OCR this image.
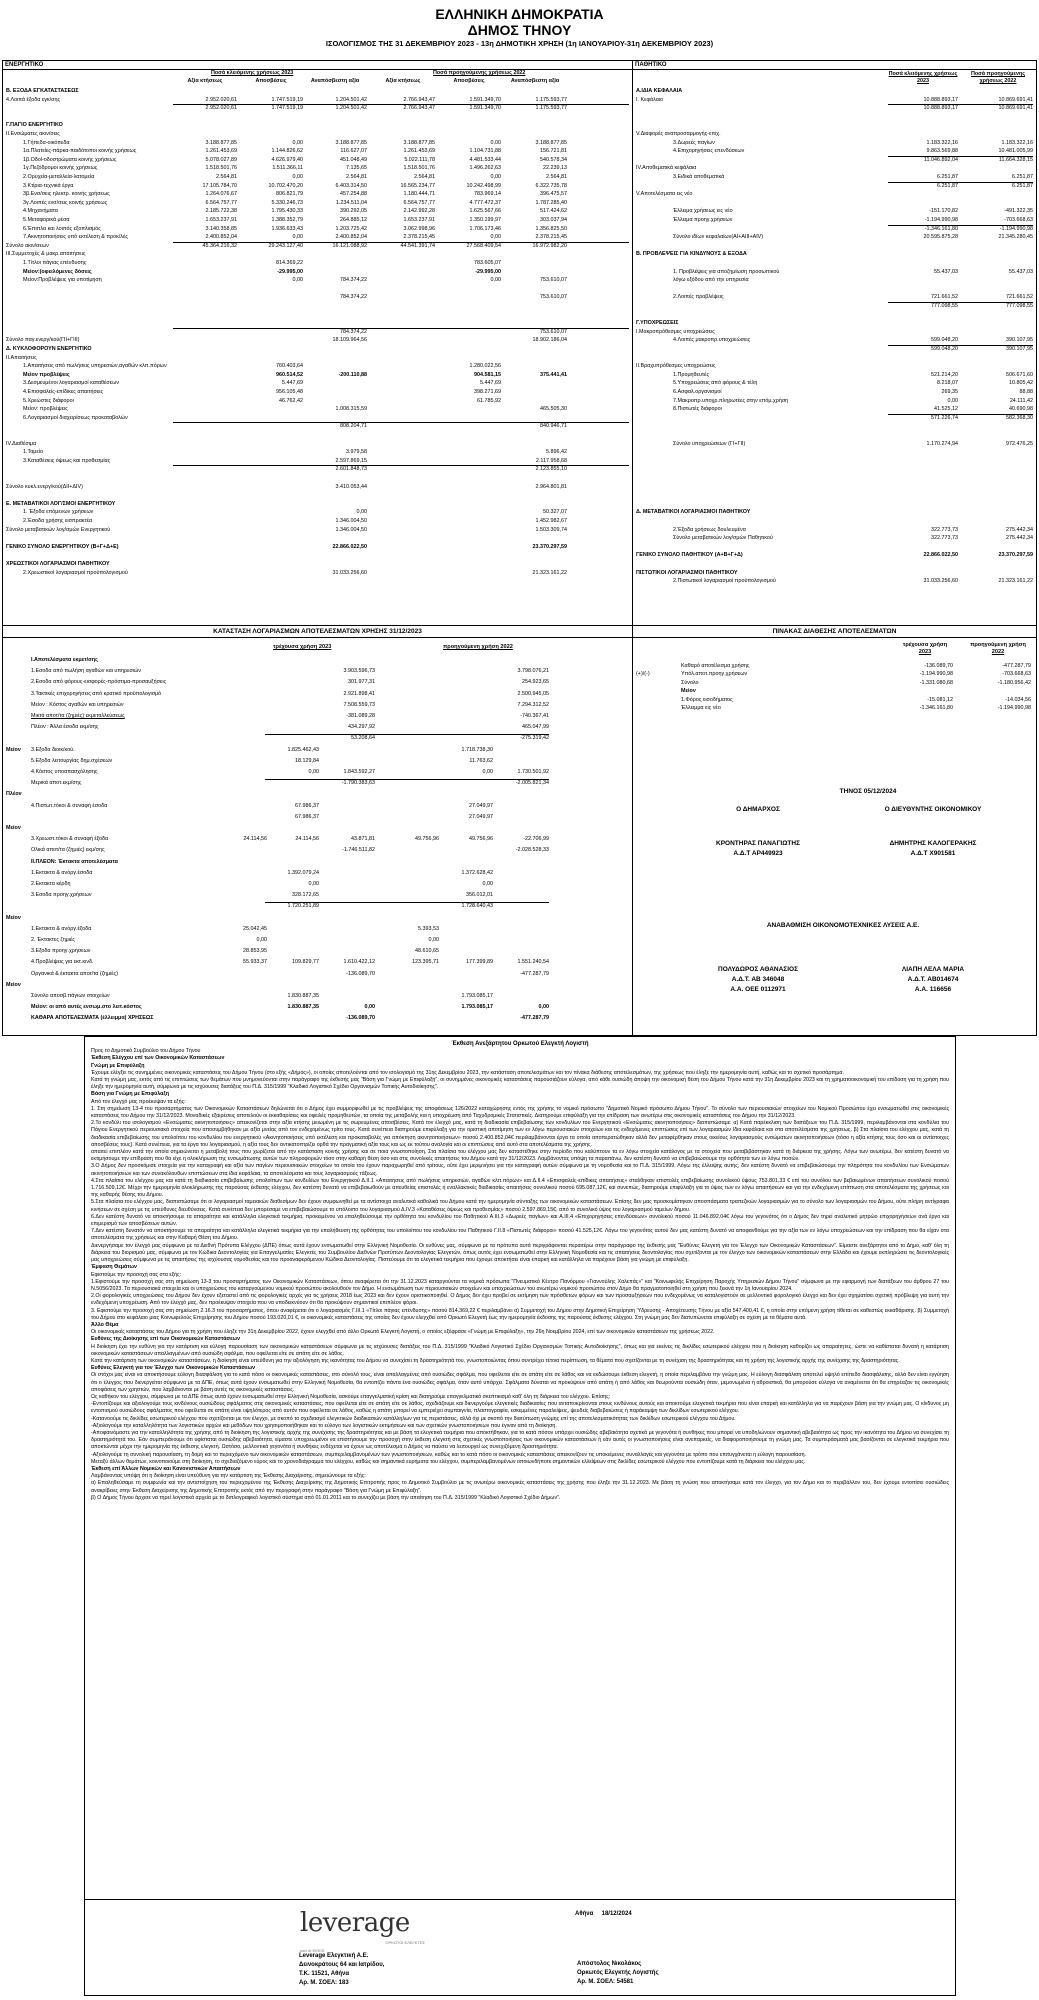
ΕΛΛΗΝΙΚΗ ΔΗΜΟΚΡΑΤΙΑ
ΔΗΜΟΣ ΤΗΝΟΥ
ΙΣΟΛΟΓΙΣΜΟΣ ΤΗΣ 31 ΔΕΚΕΜΒΡΙΟΥ 2023 - 13η ΔΗΜΟΤΙΚΗ ΧΡΗΣΗ (1η ΙΑΝΟΥΑΡΙΟΥ-31η ΔΕΚΕΜΒΡΙΟΥ 2023)
ΕΝΕΡΓΗΤΙΚΟ
Ποσά κλειόμενης χρήσεως 2023	Ποσά προηγούμενης χρήσεως 2022
Αξία κτήσεως	Αποσβέσεις	Αναπόσβεστη αξία	Αξία κτήσεως	Αποσβέσεις	Αναπόσβεστη αξία
B. ΕΞΟΔΑ ΕΓΚΑΤΑΣΤΑΣΕΩΣ
4.Λοιπά έξοδα εγκ/σης	2.952.020,61	1.747.519,19	1.204.501,42	2.766.943,47	1.591.349,70	1.175.593,77
2.952.020,61	1.747.519,19	1.204.501,42	2.766.943,47	1.591.349,70	1.175.593,77
Γ.ΠΑΓΙΟ ΕΝΕΡΓΗΤΙΚΟ
ΙΙ.Ενσώματες ακιν/σεις
1.Γήπεδα-οικόπεδα	3.188.877,85	0,00	3.188.877,85	3.188.877,85	0,00	3.188.877,85
1α.Πλατείες-πάρκα-παιδότοποι κοινής χρήσεως	1.261.453,69	1.144.826,62	116.627,07	1.261.453,69	1.104.731,88	156.721,81
1β.Οδοί-οδοστρώματα κοινής χρήσεως	5.078.027,89	4.626.979,40	451.048,49	5.022.111,78	4.481.533,44	540.578,34
1γ.Πεζόδρομοι κοινής χρήσεως	1.518.501,76	1.511.366,11	7.135,65	1.518.501,76	1.496.262,63	22.239,13
2.Ορυχεία-μεταλλεία-λατομεία	2.564,81	0,00	2.564,81	2.564,81	0,00	2.564,81
3.Κτίρια-τεχνικά έργα	17.105.784,70	10.702.470,20	6.403.314,50	16.565.234,77	10.242.498,99	6.322.735,78
3β.Ενσ/σεις ηλεκτρ. κοινής χρήσεως	1.264.076,67	806.821,79	457.254,88	1.180.444,71	783.969,14	396.475,57
3γ.Λοιπές ενσ/σεις κοινής χρήσεως	6.564.757,77	5.330.246,73	1.234.511,04	6.564.757,77	4.777.472,37	1.787.285,40
4.Μηχανήματα	2.185.722,38	1.795.430,33	390.292,05	2.142.992,28	1.625.567,66	517.424,62
5.Μεταφορικά μέσα	1.653.237,91	1.388.352,79	264.885,12	1.653.237,91	1.350.199,97	303.037,94
6.Έπιπλα και λοιπός εξοπλισμός	3.140.358,85	1.936.633,43	1.203.725,42	3.062.998,96	1.706.173,46	1.356.825,50
7.Ακινητοποιήσεις υπό εκτέλεση & προκ/λές	2.400.852,04	0,00	2.400.852,04	2.378.215,45	0,00	2.378.215,45
Σύνολο ακιν/σεων	45.364.216,32	29.243.127,40	16.121.088,92	44.541.391,74	27.568.409,54	16.972.982,20
ΙΙΙ.Συμμετοχές & μακρ.απαιτήσεις
1.Τίτλοι πάγιας επένδυσης	814.369,22	783.605,07
Μείον:(οφειλόμενες δόσεις	-29.995,00	-29.995,00
Μείον:Προβλέψεις για υποτίμηση	0,00	784.374,22	0,00	753.610,07
784.374,22	753.610,07
784.374,22	753.610,07
Σύνολο παγ.ενεργ/κού(ΓΙΙ+ΓΙΙΙ)	18.109.964,56	18.902.186,04
Δ. ΚΥΚΛΟΦΟΡΟΥΝ ΕΝΕΡΓΗΤΙΚΟ
ΙΙ.Απαιτήσεις
1.Απαιτήσεις από πωλήσεις υπηρεσιών,αγαθών κλπ.πόρων	760.403,64	1.280.022,56
Μείον προβλέψεις	960.514,52	-200.110,88	904.581,15	375.441,41
3.Δεσμευμένοι λογαριασμοί καταθέσεων	5.447,69	5.447,69
4.Επισφαλείς-επίδικες απαιτήσεις	956.105,48	398.271,69
5.Χρεώστες διάφοροι	46.762,42	61.785,92
Μείον: προβλέψεις	1.008.315,59	465.505,30
6.Λογαριασμοί διαχειρίσεως προκαταβολών
808.204,71	840.946,71
IV.Διαθέσιμα
1.Ταμείο	3.979,58	5.896,42
3.Καταθέσεις όψεως και προθεσμίας	2.597.869,15	2.117.958,68
2.601.848,73	2.123.855,10
Σύνολο κυκλ.ενεργ/κού(ΔΙΙ+ΔΙV)	3.410.053,44	2.964.801,81
Ε. ΜΕΤΑΒΑΤΙΚΟΙ ΛΟΓ/ΣΜΟΙ ΕΝΕΡΓΗΤΙΚΟΥ
1. Έξοδα επόμενων χρήσεων	0,00	50.327,07
2.Έσοδα χρήσης εισπρακτέα	1.346.004,50	1.452.982,67
Σύνολο μεταβατικών λογ/σμών Ενεργητικού	1.346.004,50	1.503.309,74
ΓΕΝΙΚΟ ΣΥΝΟΛΟ ΕΝΕΡΓΗΤΙΚΟΥ (Β+Γ+Δ+Ε)	22.866.022,50	23.370.297,59
ΧΡΕΩΣΤΙΚΟΙ ΛΟΓΑΡΙΑΣΜΟΙ ΠΑΘΗΤΙΚΟΥ
2.Χρεωστικοί λογαριασμοί προϋπολογισμού	31.033.256,60	21.323.161,22
ΠΑΘΗΤΙΚΟ
Ποσά κλειόμενης χρήσεως 2023
Ποσά προηγούμενης χρήσεως 2022
Α.ΙΔΙΑ ΚΕΦΑΛΑΙΑ
Ι. Κεφάλαιο	10.888.893,17	10.869.691,41
10.888.893,17	10.869.691,41
V.Διαφορές αναπροσαρμογής-επιχ.
3.Δωρεές παγίων	1.183.322,16	1.183.322,16
4.Επιχορηγήσεις επενδύσεων	9.863.569,88	10.481.005,99
11.046.892,04	11.664.328,15
IV.Αποθεματικά κεφάλαια
3.Ειδικά αποθεματικά	6.251,87	6.251,87
6.251,87	6.251,87
V.Αποτελέσματα εις νέο
Έλλειμα χρήσεως εις νέο	-151.170,82	-491.322,35
Έλλειμα προηγ.χρήσεων	-1.194.990,98	-703.668,63
-1.346.161,80	-1.194.990,98
Σύνολο ιδίων κεφαλαίων(ΑΙ+ΑΙΙΙ+ΑIV)	20.595.875,28	21.345.280,45
Β. ΠΡΟΒΛΕΨΕΙΣ ΓΙΑ ΚΙΝΔΥΝΟΥΣ & ΕΞΟΔΑ
1. Προβλέψεις για αποζημίωση προσωπικού	55.437,03	55.437,03
λόγω εξόδου από την υπηρεσία
2.Λοιπές προβλέψεις	721.661,52	721.661,52
777.098,55	777.098,55
Γ.ΥΠΟΧΡΕΩΣΕΙΣ
Ι.Μακροπρόθεσμες υποχρεώσεις
4.Λοιπές μακροπρ.υποχρεώσεις	599.048,20	390.107,95
599.048,20	390.107,95
ΙΙ.Βραχυπρόθεσμες υποχρεώσεις
1.Προμηθευτές	521.214,20	506.671,60
5.Υποχρεώσεις από φόρους & τέλη	8.218,07	10.805,42
6.Ασφαλ.οργανισμοί	269,35	88,88
7.Μακροπρ.υποχρ.πληρωτέες στην επόμ.χρήση	0,00	24.111,42
8.Πιστωτές διάφοροι	41.525,12	40.690,98
571.226,74	582.368,30
Σύνολο υποχρεώσεων (ΓΙ+ΓΙΙ)	1.170.274,94	972.476,25
Δ. ΜΕΤΑΒΑΤΙΚΟΙ ΛΟΓΑΡΙΑΣΜΟΙ ΠΑΘΗΤΙΚΟΥ
2.Έξοδα χρήσεως δουλευμένα	322.773,73	275.442,34
Σύνολο μεταβατικών λογ/σμών Παθητικού	322.773,73	275.442,34
ΓΕΝΙΚΟ ΣΥΝΟΛΟ ΠΑΘΗΤΙΚΟΥ (Α+Β+Γ+Δ)	22.866.022,50	23.370.297,59
ΠΙΣΤΩΤΙΚΟΙ ΛΟΓΑΡΙΑΣΜΟΙ ΠΑΘΗΤΙΚΟΥ
2.Πιστωτικοί λογαριασμοί προϋπολογισμού	31.033.256,60	21.323.161,22
ΚΑΤΑΣΤΑΣΗ ΛΟΓΑΡΙΑΣΜΩΝ ΑΠΟΤΕΛΕΣΜΑΤΩΝ ΧΡΗΣΗΣ 31/12/2023
τρέχουσα χρήση 2023	προηγούμενη χρήση 2022
Ι.Αποτελέσματα εκμετ/σης
1.Εσοδα από πωλήση αγαθών και υπηρεσιών	3.903.596,73	3.798.076,21
2.Εσοδα από φόρους-εισφορές-πρόστιμα-προσαυξήσεις	301.977,31	254.923,65
3.Τακτικές επιχορηγήσεις από κρατικό προϋπολογισμό	2.921.898,41	2.500.945,05
Μείον : Κόστος αγαθών και υπηρεσιών	7.508.559,73	7.294.312,52
Μικτά αποτ/τα (ζημιές) εκμεταλλεύσεως	-381.089,28	-740.367,41
Πλέον : Άλλα έσοδα εκμ/σης	434.297,92	465.047,99
53.208,64	-275.319,42
Μείον	3.Εξοδα διοικ/κού.	1.825.462,43	1.718.738,30
5.Εξοδα λειτουργίας δημ.σχέσεων	18.129,84	11.763,62
4.Κόστος υποαπασχόλησης	0,00	1.843.592,27	0,00	1.730.501,92
Μερικά αποτ.εκμ/σης	-1.790.383,63	-2.005.821,34
Πλέον
4.Πιστωτ.τόκοι & συναφή έσοδα	67.986,37	27.049,97
67.986,37	27.049,97
Μείον
3.Χρεωστ.τόκοι & συναφή έξοδα	24.114,56	24.114,56	43.871,81	49.756,96	49.756,96	-22.706,99
Ολικά αποτ/τα (ζημιές) εκμ/σης	-1.746.511,82	-2.028.528,33
ΙΙ.ΠΛΕΟΝ: Έκτακτα αποτελέσματα
1.Εκτακτα & ανόργ.έσοδα	1.392.079,24	1.372.628,42
2.Εκτακτα κέρδη	0,00	0,00
3.Εσοδα προηγ.χρήσεων	328.172,65	356.012,01
1.720.251,89	1.728.640,43
Μείον
1.Εκτακτα & ανόργ.έξοδα	25.042,45	5.393,53
2. Έκτακτες ζημιές	0,00	0,00
3.Εξοδα προηγ.χρήσεων	28.853,95	48.610,65
4.Προβλέψεις για εκτ.κινδ.	55.933,37	109.829,77	1.610.422,12	123.395,71	177.399,89	1.551.240,54
Οργανικά & έκτακτα αποτ/τα (ζημιές)	-136.089,70	-477.287,79
Μείον
Σύνολο αποσβ.πάγιων στοιχείων	1.830.887,35	1.793.085,17
Μείον: οι από αυτές ενσωμ.στο λειτ.κόστος	1.830.887,35	0,00	1.793.085,17	0,00
ΚΑΘΑΡΑ ΑΠΟΤΕΛΕΣΜΑΤΑ (έλλειμμα) ΧΡΗΣΕΩΣ	-136.089,70	-477.287,79
ΠΙΝΑΚΑΣ ΔΙΑΘΕΣΗΣ ΑΠΟΤΕΛΕΣΜΑΤΩΝ
τρέχουσα χρήση
2023
προηγούμενη χρήση
2022
Καθαρό αποτέλεσμα χρήσης	-136.089,70	-477.287,79
(+)/(-)	Υπόλ.αποτ.προηγ.χρήσεων	-1.194.990,98	-703.668,63
Σύνολο	-1.331.080,68	-1.180.956,42
Μείον
1.Φόρος εισοδήματος	-15.081,12	-14.034,56
Έλλειμμα εις νέο	-1.346.161,80	-1.194.990,98
ΤΗΝΟΣ 05/12/2024
Ο ΔΗΜΑΡΧΟΣ	Ο ΔΙΕΥΘΥΝΤΗΣ ΟΙΚΟΝΟΜΙΚΟΥ
ΚΡΟΝΤΗΡΑΣ ΠΑΝΑΓΙΩΤΗΣ
Α.Δ.Τ ΑΡ449923
ΔΗΜΗΤΡΗΣ ΚΑΛΟΓΕΡΑΚΗΣ
Α.Δ.Τ Χ901581
ΑΝΑΒΑΘΜΙΣΗ ΟΙΚΟΝΟΜΟΤΕΧΝΙΚΕΣ ΛΥΣΕΙΣ Α.Ε.
ΠΟΛΥΔΩΡΟΣ ΑΘΑΝΑΣΙΟΣ
Α.Δ.Τ. ΑΒ 346048
Α.Α. ΟΕΕ 0112971
ΛΙΑΠΗ ΛΕΛΑ ΜΑΡΙΑ
Α.Δ.Τ. ΑΒ014674
Α.Α. 116656
Έκθεση Ανεξάρτητου Ορκωτού Ελεγκτή Λογιστή

Προς το Δημοτικό Συμβούλιο του Δήμου Τήνου

Έκθεση Ελέγχου επί των Οικονομικών Καταστάσεων

Γνώμη με Επιφύλαξη

Έχουμε ελέγξει τις συνημμένες οικονομικές καταστάσεις του Δήμου Τήνου (στο εξής «Δήμος»), οι οποίες αποτελούνται από τον ισολογισμό της 31ης Δεκεμβρίου 2023, την κατάσταση αποτελεσμάτων και τον πίνακα διάθεσης αποτελεσμάτων, της χρήσεως που έληξε την ημερομηνία αυτή, καθώς και το σχετικό προσάρτημα.

Κατά τη γνώμη μας, εκτός από τις επιπτώσεις των θεμάτων που μνημονεύονται στην παράγραφο της έκθεσής μας "Βάση για Γνώμη με Επιφύλαξη", οι συνημμένες οικονομικές καταστάσεις παρουσιάζουν εύλογα, από κάθε ουσιώδη άποψη την οικονομική θέση του Δήμου Τήνου κατά την 31η Δεκεμβρίου 2023 και τη χρηματοοικονομική του επίδοση για τη χρήση που έληξε την ημερομηνία αυτή, σύμφωνα με τις ισχύουσες διατάξεις του Π.Δ. 315/1999 "Κλαδικό Λογιστικό Σχέδιο Οργανισμών Τοπικής Αυτοδιοίκησης".

Βάση για Γνώμη με Επιφύλαξη

Από τον έλεγχό μας προέκυψαν τα εξής:

1. Στη σημείωση 13-4 του προσαρτήματος των Οικονομικών Καταστάσεων δηλώνεται ότι ο Δήμος έχει συμμορφωθεί με τις προβλέψεις της αποφάσεως 126/2022 καταχώρησης εντός της χρήσης το νομικό πρόσωπο "Δημοτικό Νομικό πρόσωπο Δήμου Τήνου". Το σύνολο των περιουσιακών στοιχείων του Νομικού Προσώπου έχει ενσωματωθεί στις οικονομικές καταστάσεις του Δήμου την 31/12/2023. Μοναδικές εξαιρέσεις αποτελούν οι εκκαθαρίσεις και οφειλές προμηθευτών, τα οποία της μεταβολής και η υποχρέωση από Ταχυδρομικές Στατιστικές. Διατηρούμε επιφύλαξη για την επίδραση των ανωτέρω στις οικονομικές καταστάσεις του Δήμου την 31/12/2023.

2.Το κονδύλι του ισολογισμού «Ενσώματες ακινητοποιήσεις» απεικονίζεται στην αξία κτήσης μειωμένη με τις σωρευμένες αποσβέσεις. Κατά τον έλεγχό μας, κατά τη διαδικασία επιβεβαίωσης των κονδυλίων του Ενεργητικού «Ενσώματες ακινητοποιήσεις» διαπιστώσαμε: α) Κατά παρέκκλιση των διατάξεων του Π.Δ. 315/1999, περιλαμβάνονται στα κονδύλια του Πάγιου Ενεργητικού περιουσιακά στοιχεία που αποσυμβήθηκαν με αξία μνείας από τον ενδεχομένως τρίτο τους. Κατά συνέπεια διατηρούμε επιφύλαξη για την οριστική αποτίμηση των εν λόγω περιουσιακών στοιχείων και τις ενδεχόμενες επιπτώσεις επί των λογαριασμών Ιδια κεφάλαια και στα αποτελέσματα της χρήσεως. β) Στα πλαίσια του ελέγχου μας, κατά τη διαδικασία επιβεβαίωσης του υπολοίπου του κονδυλίου του ενεργητικού «Ακινητοποιήσεις υπό εκτέλεση και προκαταβολές για απόκτηση ακινητοποιήσεων» ποσού 2.400.852,04€ περιλαμβάνονται έργα τα οποία αποπερατώθηκαν αλλά δεν μεταφέρθηκαν στους οικείους λογαριασμούς ενσώματων ακινητοποιήσεων (τόσο η αξία κτήσης τους όσο και οι αντίστοιχες αποσβέσεις τους). Κατά συνέπεια, για τα έργα του λογαριασμού, η αξία τους δεν αντικατοπτρίζει ορθά την πραγματική αξία τους και ως εκ τούτου αναλογία και οι επιπτώσεις από αυτό στα αποτελέσματα της χρήσης.

απαιτεί επιπλέον κατά την οποία σημειώνεται η μεταβολή τους που χωρίζεται από την κατάσταση κοινής χρήσης και σε ποια γνωστοποίηση. Στα πλαίσια του ελέγχου μας δεν καταστέθηκε στην περίοδο που καλύπτουν τα εν λόγω στοιχεία κατάλογος με τα στοιχεία που μεταβιβάστηκαν κατά τη διάρκεια της χρήσης. Λόγω των ανωτέρω, δεν κατέστη δυνατό να εκτιμήσουμε την επίδραση που θα είχε η ολοκλήρωση της ενσωμάτωσης αυτών των πληροφοριών τόσο στην καθαρή θέση όσο και στις συνολικές απαιτήσεις του Δήμου κατά την 31/12/2023. Λαμβάνοντας υπόψη τα παραπάνω, δεν κατέστη δυνατό να επιβεβαιώσουμε την ορθότητα των εν λόγω ποσών.

3.Ο Δήμος δεν προσκόμισε στοιχεία για την καταγραφή και αξία των παγίων περιουσιακών στοιχείων τα οποία του έχουν παραχωρηθεί από τρίτους, ούτε έχει μεριμνήσει για την καταγραφή αυτών σύμφωνα με τη νομοθεσία και το Π.Δ. 315/1999. Λόγω της έλλειψης αυτής, δεν κατέστη δυνατό να επιβεβαιώσουμε την πληρότητα του κονδυλίου των Ενσώματων ακινητοποιήσεων και των συνακόλουθων επιπτώσεων στα ίδια κεφάλαια, τα αποτελέσματα και τους λογαριασμούς τάξεως.

4.Στα πλαίσια του ελέγχου μας και κατά τη διαδικασία επιβεβαίωσης υπολοίπων των κονδυλίων του Ενεργητικού Δ.ΙΙ.1 «Απαιτήσεις από πωλήσεις υπηρεσιών, αγαθών κλπ.πόρων» και Δ.ΙΙ.4 «Επισφαλείς-επίδικες απαιτήσεις» σταλθηκαν επιστολές επιβεβαίωσης συνολικού ύψους 753.801,33 € επί του συνόλου των βεβαιωμένων απαιτήσεων συνολικού ποσού 1.716.509,12€. Μέχρι την ημερομηνία ολοκλήρωσης της παρούσας έκθεσης ελέγχου, δεν κατέστη δυνατό να επιβεβαιωθούν με απευθείας επιστολές ή εναλλακτικές διαδικασίες απαιτήσεις συνολικού ποσού 695.087,12€, και συνεπώς, διατηρούμε επιφύλαξη για το ύψος των εν λόγω απαιτήσεων και για την ενδεχόμενη επίπτωση στα αποτελέσματα της χρήσεως και της καθαρής θέσης του Δήμου.

5.Στα πλαίσια του ελέγχου μας, διαπιστώσαμε ότι οι λογαριασμοί ταμειακών διαθεσίμων δεν έχουν συμφωνηθεί με τα αντίστοιχα αναλυτικά καθολικά του Δήμου κατά την ημερομηνία σύνταξης των οικονομικών καταστάσεων. Επίσης δεν μας προσκομίστηκαν αποσπάσματα τραπεζικών λογαριασμών για το σύνολο των λογαριασμών του Δήμου, ούτε πλήρη αντίγραφα κινήσεων σε σχέση με τις υπεύθυνες διευθύνσεις. Κατά συνέπεια δεν μπορέσαμε να επιβεβαιώσουμε το υπόλοιπο του λογαριασμού Δ.IV.3 «Καταθέσεις όψεως και προθεσμίας» ποσού 2.597.869,15€, από το συνολικό ύψος του λογαριασμού ταμείων δήμου.

6.Δεν κατέστη δυνατό να αποκτήσουμε τα απαραίτητα και κατάλληλα ελεγκτικά τεκμήρια, προκειμένου να επαληθεύσουμε την ορθότητα του κονδυλίου του Παθητικού Α.ΙΙΙ.3 «Δωρεές παγίων» και Α.ΙΙΙ.4 «Επιχορηγήσεις επενδύσεων» συνολικού ποσού 11.046.892,04€ λόγω του γεγονότος ότι ο Δήμος δεν τηρεί αναλυτικό μητρώο επιχορηγήσεων ανά έργο και επιμερισμό των αποσβέσεων αυτών.

7.Δεν κατέστη δυνατόν να αποκτήσουμε τα απαραίτητα και κατάλληλα ελεγκτικά τεκμήρια για την επαλήθευση της ορθότητας του υπολοίπου του κονδυλίου του Παθητικού Γ.ΙΙ.8 «Πιστωτές διάφοροι» ποσού 41.525,12€. Λόγω του γεγονότος αυτού δεν μας κατέστη δυνατό να αποφανθούμε για την αξία των εν λόγω υποχρεώσεων και την επίδραση που θα είχαν στα αποτελέσματα της χρήσεως και στην Καθαρή Θέση του Δήμου.

Διενεργήσαμε τον έλεγχό μας σύμφωνα με τα Διεθνή Πρότυπα Ελέγχου (ΔΠΕ) όπως αυτά έχουν ενσωματωθεί στην Ελληνική Νομοθεσία. Οι ευθύνες μας, σύμφωνα με τα πρότυπα αυτά περιγράφονται περαιτέρω στην παράγραφο της έκθεσής μας "Ευθύνες Ελεγκτή για τον Έλεγχο των Οικονομικών Καταστάσεων". Είμαστε ανεξάρτητοι από το Δήμο, καθ' όλη τη διάρκεια του διορισμού μας, σύμφωνα με τον Κώδικα Δεοντολογίας για Επαγγελματίες Ελεγκτές του Συμβουλίου Διεθνών Προτύπων Δεοντολογίας Ελεγκτών, όπως αυτός έχει ενσωματωθεί στην Ελληνική Νομοθεσία και τις απαιτήσεις δεοντολογίας που σχετίζονται με τον έλεγχο των οικονομικών καταστάσεων στην Ελλάδα και έχουμε εκπληρώσει τις δεοντολογικές μας υποχρεώσεις σύμφωνα με τις απαιτήσεις της ισχύουσας νομοθεσίας και του προαναφερόμενου Κώδικα Δεοντολογίας. Πιστεύουμε ότι τα ελεγκτικά τεκμήρια που έχουμε αποκτήσει είναι επαρκή και κατάλληλα να παρέχουν βάση για γνώμη με επιφύλαξη.

Έμφαση Θεμάτων

Εφιστούμε την προσοχή σας στα εξής:

1.Εφιστούμε την προσοχή σας στη σημείωση 13-3 του προσαρτήματος των Οικονομικών Καταστάσεων, όπου αναφέρεται ότι την 31.12.2023 καταργούνται τα νομικά πρόσωπα "Πνευματικό Κέντρο Πανόρμου «Γιαννούλης Χαλεπάς»" και "Κοινωφελής Επιχείρηση Παροχής Υπηρεσιών Δήμου Τήνου" σύμφωνα με την εφαρμογή των διατάξεων του άρθρου 27 του Ν.5056/2023. Τα περιουσιακά στοιχεία και οι υποχρεώσεις του καταργούμενου νομικού προσώπου ακολουθούν τον Δήμο. Η ενσωμάτωση των περιουσιακών στοιχείων και υποχρεώσεων του ανωτέρω νομικού προσώπου στον Δήμο θα πραγματοποιηθεί στη χρήση που ξεκινά την 1η Ιανουαρίου 2024.

2.Οι φορολογικές υποχρεώσεις του Δήμου δεν έχουν εξεταστεί από τις φορολογικές αρχές για τις χρήσεις 2018 έως 2023 και δεν έχουν οριστικοποιηθεί. Ο Δήμος δεν έχει προβεί σε εκτίμηση των πρόσθετων φόρων και των προσαυξήσεων που ενδεχομένως να καταλογιστούν σε μελλοντικό φορολογικό έλεγχο και δεν έχει σχηματίσει σχετική πρόβλεψη για αυτή την ενδεχόμενη υποχρέωση. Από τον έλεγχό μας, δεν προέκυψαν στοιχεία που να υποδεικνύουν ότι θα προκύψουν σημαντικοί επιπλέον φόροι.

3. Εφιστούμε την προσοχή σας στη σημείωση 2.16.3 του προσαρτήματος, όπου αναφέρεται ότι ο λογαριασμός Γ.ΙΙΙ.1 «Τίτλοι πάγιας επένδυσης» ποσού 814.369,22 € περιλαμβάνει α) Συμμετοχή του Δήμου στην Δημοτική Επιχείρηση Ύδρευσης - Αποχέτευσης Τήνου με αξία 547.400,41 €, η οποία στην επόμενη χρήση τίθεται σε καθεστώς εκκαθάρισης. β) Συμμετοχή του Δήμου στο κεφάλαιο μιας Κοινωφελούς Επιχείρησης του Δήμου ποσού 193.020,01 €, οι οικονομικές καταστάσεις της οποίας δεν έχουν ελεγχθεί από Ορκωτό Ελεγκτή έως την ημερομηνία έκδοσης της παρούσας έκθεσης ελέγχου. Στη γνώμη μας δεν διατυπώνεται επιφύλαξη σε σχέση με τα θέματα αυτά.

Άλλο Θέμα

Οι οικονομικές καταστάσεις του Δήμου για τη χρήση που έληξε την 31η Δεκεμβρίου 2022, έχουν ελεγχθεί από άλλο Ορκωτό Ελεγκτή Λογιστή, ο οποίος εξέφρασε «Γνώμη με Επιφύλαξη», την 26η Νοεμβρίου 2024, επί των οικονομικών καταστάσεων της χρήσεως 2022.

Ευθύνες της Διοίκησης επί των Οικονομικών Καταστάσεων

Η διοίκηση έχει την ευθύνη για την κατάρτιση και εύλογη παρουσίαση των οικονομικών καταστάσεων σύμφωνα με τις ισχύουσες διατάξεις του Π.Δ. 315/1999 "Κλαδικό Λογιστικό Σχέδιο Οργανισμών Τοπικής Αυτοδιοίκησης", όπως και για εκείνες τις δικλίδες εσωτερικού ελέγχου που η διοίκηση καθορίζει ως απαραίτητες, ώστε να καθίσταται δυνατή η κατάρτιση οικονομικών καταστάσεων απαλλαγμένων από ουσιώδη σφάλμα, που οφείλεται είτε σε απάτη είτε σε λάθος.

Κατά την κατάρτιση των οικονομικών καταστάσεων, η διοίκηση είναι υπεύθυνη για την αξιολόγηση της ικανότητας του Δήμου να συνεχίσει τη δραστηριότητά του, γνωστοποιώντας όπου συντρέχει τέτοια περίπτωση, τα θέματα που σχετίζονται με τη συνέχιση της δραστηριότητας και τη χρήση της λογιστικής αρχής της συνέχισης της δραστηριότητας.

Ευθύνες Ελεγκτή για τον Έλεγχο των Οικονομικών Καταστάσεων

Οι στόχοι μας είναι να αποκτήσουμε εύλογη διασφάλιση για το κατά πόσο οι οικονομικές καταστάσεις, στο σύνολό τους, είναι απαλλαγμένες από ουσιώδες σφάλμα, που οφείλεται είτε σε απάτη είτε σε λάθος και να εκδώσουμε έκθεση ελεγκτή, η οποία περιλαμβάνει την γνώμη μας. Η εύλογη διασφάλιση αποτελεί υψηλό επίπεδο διασφάλισης, αλλά δεν είναι εγγύηση ότι ο έλεγχος που διενεργείται σύμφωνα με τα ΔΠΕ, όπως αυτά έχουν ενσωματωθεί στην Ελληνική Νομοθεσία, θα εντοπίζει πάντα ένα ουσιώδες σφάλμα, όταν αυτό υπάρχει. Σφάλματα δύναται να προκύψουν από απάτη ή από λάθος και θεωρούνται ουσιώδη όταν, μεμονωμένα ή αθροιστικά, θα μπορούσε εύλογα να αναμένεται ότι θα επηρέαζαν τις οικονομικές αποφάσεις των χρηστών, που λαμβάνονται με βάση αυτές τις οικονομικές καταστάσεις.

Ως καθήκον του ελέγχου, σύμφωνα με τα ΔΠΕ όπως αυτά έχουν ενσωματωθεί στην Ελληνική Νομοθεσία, ασκούμε επαγγελματική κρίση και διατηρούμε επαγγελματικό σκεπτικισμό καθ' όλη τη διάρκεια του ελέγχου. Επίσης:

-Εντοπίζουμε και αξιολογούμε τους κινδύνους ουσιώδους σφάλματος στις οικονομικές καταστάσεις, που οφείλεται είτε σε απάτη είτε σε λάθος, σχεδιάζουμε και διενεργούμε ελεγκτικές διαδικασίες που ανταποκρίνονται στους κινδύνους αυτούς και αποκτούμε ελεγκτικά τεκμήρια που είναι επαρκή και κατάλληλα για να παρέχουν βάση για την γνώμη μας. Ο κίνδυνος μη εντοπισμού ουσιώδους σφάλματος που οφείλεται σε απάτη είναι υψηλότερος από αυτόν που οφείλεται σε λάθος, καθώς η απάτη μπορεί να εμπεριέχει συμπαιγνία, πλαστογραφία, εσκεμμένες παραλείψεις, ψευδείς διαβεβαιώσεις ή παράκαμψη των δικλίδων εσωτερικού ελέγχου.

-Κατανοούμε τις δικλίδες εσωτερικού ελέγχου που σχετίζονται με τον έλεγχο, με σκοπό το σχεδιασμό ελεγκτικών διαδικασιών κατάλληλων για τις περιστάσεις, αλλά όχι με σκοπό την διατύπωση γνώμης επί της αποτελεσματικότητας των δικλίδων εσωτερικού ελέγχου του Δήμου.

-Αξιολογούμε την καταλληλότητα των λογιστικών αρχών και μεθόδων που χρησιμοποιήθηκαν και το εύλογο των λογιστικών εκτιμήσεων και των σχετικών γνωστοποιήσεων που έγιναν από τη διοίκηση.

-Αποφαινόμαστε για την καταλληλότητα της χρήσης από τη διοίκηση της λογιστικής αρχής της συνέχισης της δραστηριότητας και με βάση τα ελεγκτικά τεκμήρια που αποκτήθηκαν, για το κατά πόσον υπάρχει ουσιώδης αβεβαιότητα σχετικά με γεγονότα ή συνθήκες που μπορεί να υποδηλώνουν σημαντική αβεβαιότητα ως προς την ικανότητα του Δήμου να συνεχίσει τη δραστηριότητά του. Εάν συμπεράνουμε ότι υφίσταται ουσιώδης αβεβαιότητα, είμαστε υποχρεωμένοι να επιστήσουμε την προσοχή στην έκθεση ελεγκτή στις σχετικές γνωστοποιήσεις των οικονομικών καταστάσεων ή εάν αυτές οι γνωστοποιήσεις είναι ανεπαρκείς, να διαφοροποιήσουμε τη γνώμη μας. Τα συμπεράσματά μας βασίζονται σε ελεγκτικά τεκμήρια που αποκτώνται μέχρι την ημερομηνία της έκθεσης ελεγκτή. Ωστόσο, μελλοντικά γεγονότα ή συνθήκες ενδέχεται να έχουν ως αποτέλεσμα ο Δήμος να παύσει να λειτουργεί ως συνεχιζόμενη δραστηριότητα.

-Αξιολογούμε τη συνολική παρουσίαση, τη δομή και το περιεχόμενο των οικονομικών καταστάσεων, συμπεριλαμβανομένων των γνωστοποιήσεων, καθώς και το κατά πόσο οι οικονομικές καταστάσεις απεικονίζουν τις υποκείμενες συναλλαγές και γεγονότα με τρόπο που επιτυγχάνεται η εύλογη παρουσίαση.

Μεταξύ άλλων θεμάτων, κοινοποιούμε στη διοίκηση, το σχεδιαζόμενο εύρος και το χρονοδιάγραμμα του ελέγχου, καθώς και σημαντικά ευρήματα του ελέγχου, συμπεριλαμβανομένων οποιωνδήποτε σημαντικών ελλείψεων στις δικλίδες εσωτερικού ελέγχου που εντοπίζουμε κατά τη διάρκεια του ελέγχου μας.

Έκθεση επί Άλλων Νομικών και Κανονιστικών Απαιτήσεων

Λαμβάνοντας υπόψη ότι η διοίκηση είναι υπεύθυνη για την κατάρτιση της Έκθεσης Διαχείρισης, σημειώνουμε τα εξής:

α) Επαληθεύσαμε τη συμφωνία και την αντιστοίχηση του περιεχομένου της Έκθεσης Διαχείρισης της Δημοτικής Επιτροπής προς το Δημοτικό Συμβούλιο με τις ανωτέρω οικονομικές καταστάσεις της χρήσης που έληξε την 31.12.2023. Με βάση τη γνώση που αποκτήσαμε κατά τον έλεγχο, για τον Δήμο και το περιβάλλον του, δεν έχουμε εντοπίσει ουσιώδεις ανακρίβειες στην Έκθεση Διαχείρισης της Δημοτικής Επιτροπής εκτός από την περιγραφή στην παράγραφο "Βάση για Γνώμη με Επιφύλαξη".

β) Ο Δήμος Τήνου άρχισε να τηρεί λογιστικά αρχεία με το διπλογραφικό λογιστικό σύστημα από 01.01.2011 και το συνεχίζει με βάση την απαίτηση του Π.Δ. 315/1999 "Κλαδικό Λογιστικό Σχέδιο Δήμων".

leverage
ΟΡΚΩΤΟΙ ΕΛΕΓΚΤΕΣ
part of EKKIS
Αθήνα 18/12/2024
Leverage Ελεγκτική Α.Ε.
Δεινοκράτους 64 και Ιατρίδου,
Τ.Κ. 11521, Αθήνα
Αρ. Μ. ΣΟΕΛ: 183
Απόστολος Νικολάκος
Ορκωτός Ελεγκτής Λογιστής
Αρ. Μ. ΣΟΕΛ: 54581
